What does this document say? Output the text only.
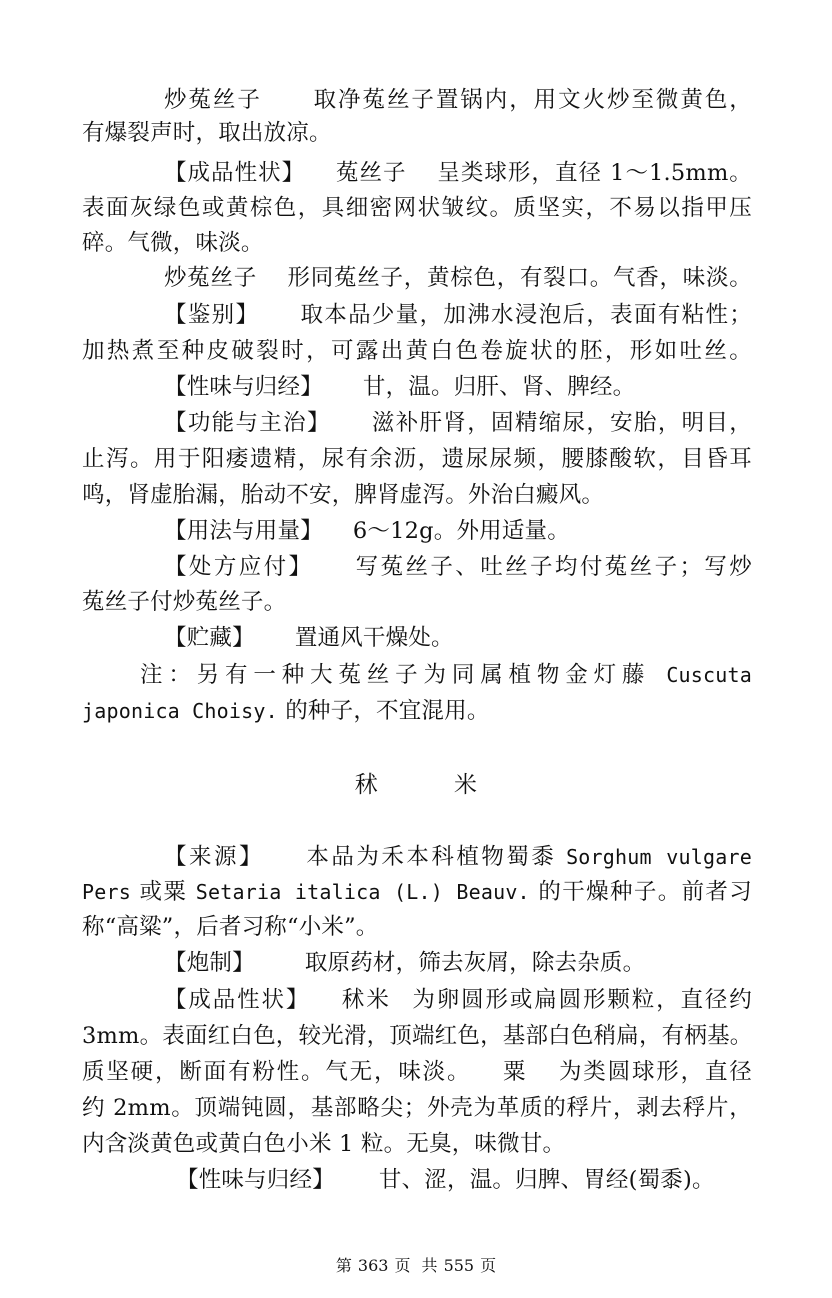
炒菟丝子 取净菟丝子置锅内，用文火炒至微黄色，
有爆裂声时，取出放凉。
【成品性状】 菟丝子 呈类球形，直径 1～1.5mm。
表面灰绿色或黄棕色，具细密网状皱纹。质坚实，不易以指甲压
碎。气微，味淡。
炒菟丝子 形同菟丝子，黄棕色，有裂口。气香，味淡。
【鉴别】 取本品少量，加沸水浸泡后，表面有粘性；
加热煮至种皮破裂时，可露出黄白色卷旋状的胚，形如吐丝。
【性味与归经】 甘，温。归肝、肾、脾经。
【功能与主治】 滋补肝肾，固精缩尿，安胎，明目，
止泻。用于阳痿遗精，尿有余沥，遗尿尿频，腰膝酸软，目昏耳
鸣，肾虚胎漏，胎动不安，脾肾虚泻。外治白癜风。
【用法与用量】 6～12g。外用适量。
【处方应付】 写菟丝子、吐丝子均付菟丝子；写炒
菟丝子付炒菟丝子。
【贮藏】 置通风干燥处。
注：另有一种大菟丝子为同属植物金灯藤 Cuscuta
japonica Choisy. 的种子，不宜混用。
秫	米
【来源】 本品为禾本科植物蜀黍 Sorghum vulgare
Pers 或粟 Setaria italica (L.) Beauv. 的干燥种子。前者习
称“高粱”，后者习称“小米”。
【炮制】 取原药材，筛去灰屑，除去杂质。
【成品性状】 秫米 为卵圆形或扁圆形颗粒，直径约
3mm。表面红白色，较光滑，顶端红色，基部白色稍扁，有柄基。
质坚硬，断面有粉性。气无，味淡。 粟 为类圆球形，直径
约 2mm。顶端钝圆，基部略尖；外壳为革质的稃片，剥去稃片，
内含淡黄色或黄白色小米 1 粒。无臭，味微甘。
【性味与归经】 甘、涩，温。归脾、胃经(蜀黍)。
第 363 页 共 555 页
